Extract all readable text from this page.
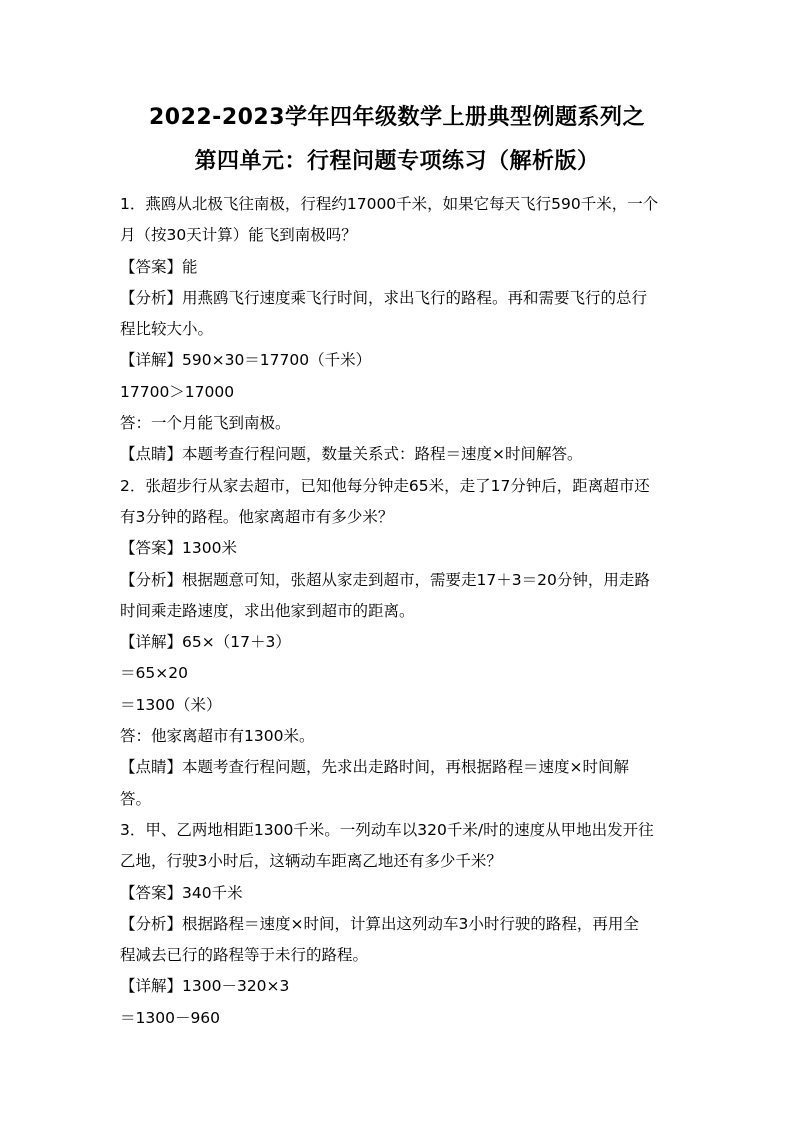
2022-2023学年四年级数学上册典型例题系列之
第四单元：行程问题专项练习（解析版）
1．燕鸥从北极飞往南极，行程约17000千米，如果它每天飞行590千米，一个
月（按30天计算）能飞到南极吗？
【答案】能
【分析】用燕鸥飞行速度乘飞行时间，求出飞行的路程。再和需要飞行的总行
程比较大小。
【详解】590×30＝17700（千米）
17700＞17000
答：一个月能飞到南极。
【点睛】本题考查行程问题，数量关系式：路程＝速度×时间解答。
2．张超步行从家去超市，已知他每分钟走65米，走了17分钟后，距离超市还
有3分钟的路程。他家离超市有多少米？
【答案】1300米
【分析】根据题意可知，张超从家走到超市，需要走17＋3＝20分钟，用走路
时间乘走路速度，求出他家到超市的距离。
【详解】65×（17＋3）
＝65×20
＝1300（米）
答：他家离超市有1300米。
【点睛】本题考查行程问题，先求出走路时间，再根据路程＝速度×时间解
答。
3．甲、乙两地相距1300千米。一列动车以320千米/时的速度从甲地出发开往
乙地，行驶3小时后，这辆动车距离乙地还有多少千米？
【答案】340千米
【分析】根据路程＝速度×时间，计算出这列动车3小时行驶的路程，再用全
程减去已行的路程等于未行的路程。
【详解】1300－320×3
＝1300－960
